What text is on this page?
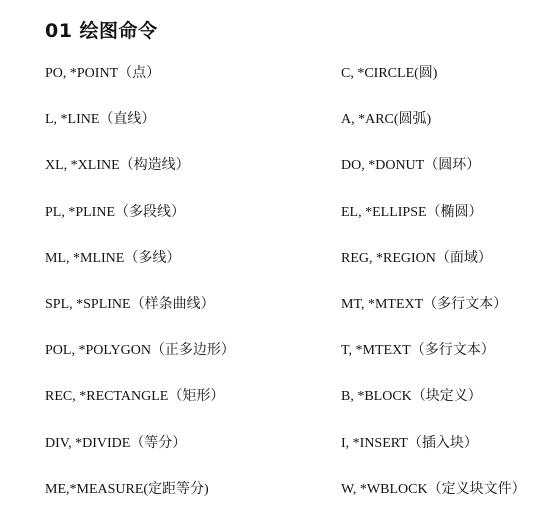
01 绘图命令
PO, *POINT（点）	C, *CIRCLE(圆)
L, *LINE（直线）	A, *ARC(圆弧)
XL, *XLINE（构造线）	DO, *DONUT（圆环）
PL, *PLINE（多段线）	EL, *ELLIPSE（椭圆）
ML, *MLINE（多线）	REG, *REGION（面域）
SPL, *SPLINE（样条曲线）	MT, *MTEXT（多行文本）
POL, *POLYGON（正多边形）	T, *MTEXT（多行文本）
REC, *RECTANGLE（矩形）	B, *BLOCK（块定义）
DIV, *DIVIDE（等分）	I, *INSERT（插入块）
ME,*MEASURE(定距等分)	W, *WBLOCK（定义块文件）
